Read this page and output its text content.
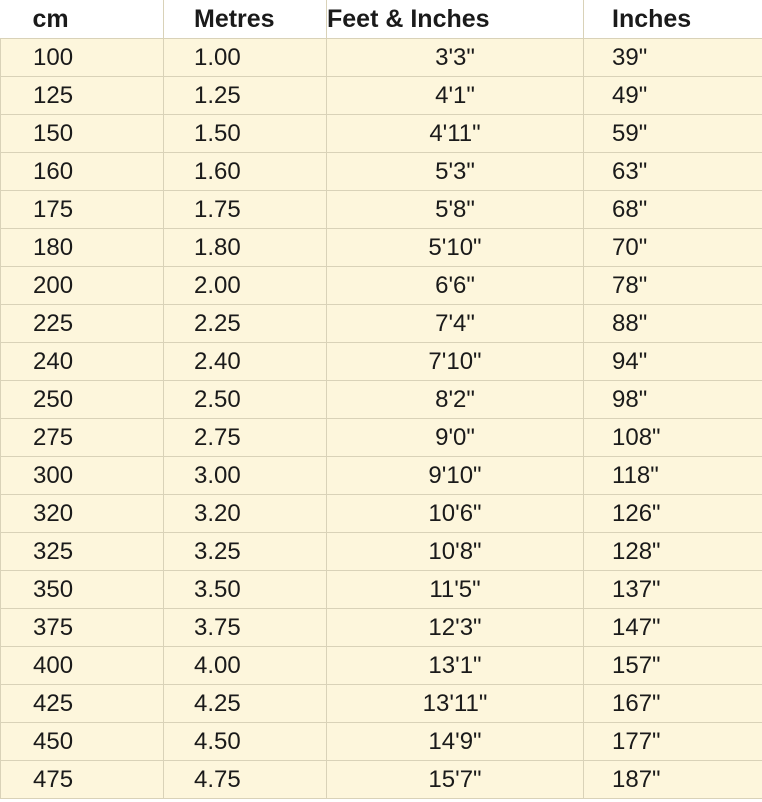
cm	Metres	Feet & Inches	Inches
100	1.00	3'3"	39"
125	1.25	4'1"	49"
150	1.50	4'11"	59"
160	1.60	5'3"	63"
175	1.75	5'8"	68"
180	1.80	5'10"	70"
200	2.00	6'6"	78"
225	2.25	7'4"	88"
240	2.40	7'10"	94"
250	2.50	8'2"	98"
275	2.75	9'0"	108"
300	3.00	9'10"	118"
320	3.20	10'6"	126"
325	3.25	10'8"	128"
350	3.50	11'5"	137"
375	3.75	12'3"	147"
400	4.00	13'1"	157"
425	4.25	13'11"	167"
450	4.50	14'9"	177"
475	4.75	15'7"	187"
